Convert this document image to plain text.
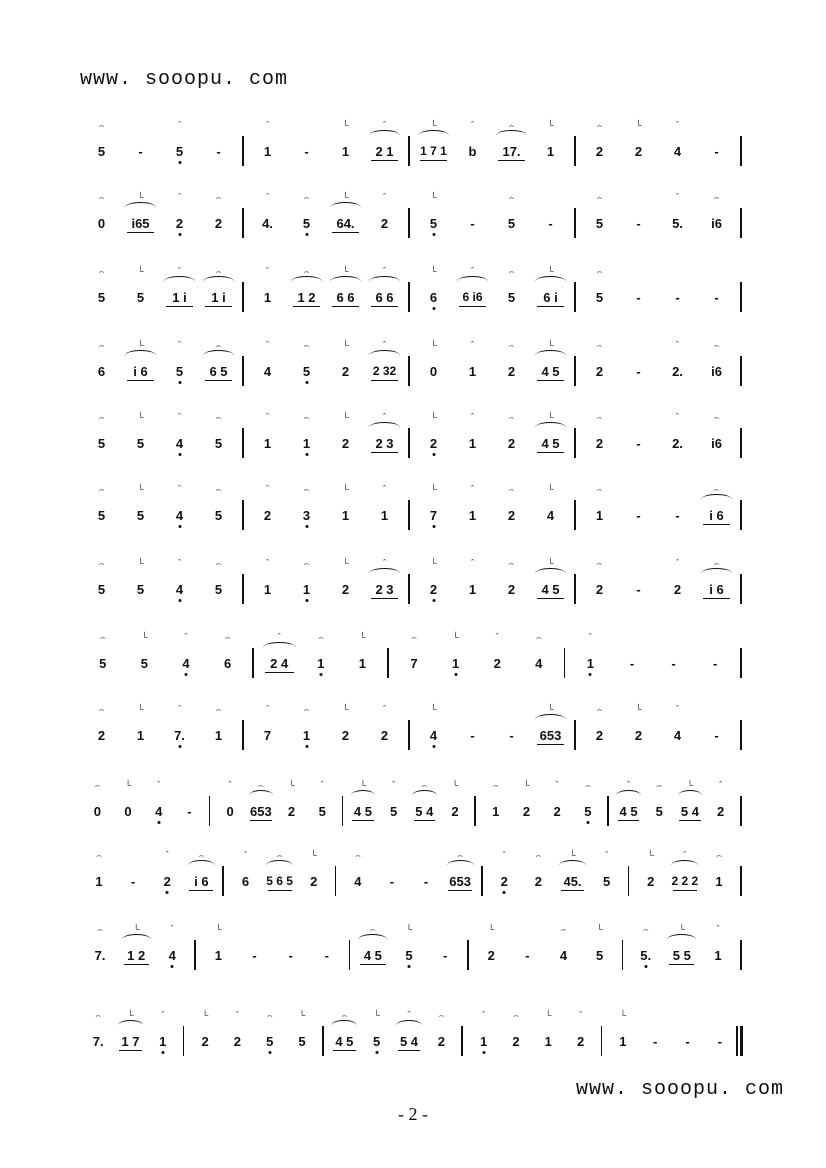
www. sooopu. com
5
⌢
-	5
ˆ
-	1
ˆ
-	1
└
2 1
ˆ
1 7 1
└
b
ˆ
17.
⌢
1
└
2
⌢
2
└
4
ˆ
-
0
⌢
i65
└
2
ˆ
2
⌢
4.
ˆ
5
⌢
64.
└
2
ˆ
5
└
-	5
⌢
-	5
⌢
- 5.
ˆ
i6
⌢
5
⌢
5
└
1 i
ˆ
1 i
⌢
1
ˆ
1 2
⌢
6 6
└
6 6
ˆ
6
└
6 i6
ˆ
5
⌢
6 i
└
5
⌢
-	-	-
6
⌢
i 6
└
5
ˆ
6 5
⌢
4
ˆ
5
⌢
2
└
2 32
ˆ
0
└
1
ˆ
2
⌢
4 5
└
2
⌢
- 2.
ˆ
i6
⌢
5
⌢
5
└
4
ˆ
5
⌢
1
ˆ
1
⌢
2
└
2 3
ˆ
2
└
1
ˆ
2
⌢
4 5
└
2
⌢
- 2.
ˆ
i6
⌢
5
⌢
5
└
4
ˆ
5
⌢
2
ˆ
3
⌢
1
└
1
ˆ
7
└
1
ˆ
2
⌢
4
└
1
⌢
-	- i 6
⌢
5
⌢
5
└
4
ˆ
5
⌢
1
ˆ
1
⌢
2
└
2 3
ˆ
2
└
1
ˆ
2
⌢
4 5
└
2
⌢
-	2
ˆ
i 6
⌢
5
⌢
5
└
4
ˆ
6
⌢
2 4
ˆ
1
⌢
1
└
7
⌢
1
└
2
ˆ
4
⌢
1
ˆ
-	-	-
2
⌢
1
└
7.
ˆ
1
⌢
7
ˆ
1
⌢
2
└
2
ˆ
4
└
-	- 653
└
2
⌢
2
└
4
ˆ
-
0
⌢
0
└
4
ˆ
-	0
ˆ
653
⌢
2
└
5
ˆ
4 5
└
5
ˆ
5 4
⌢
2
└
1
⌢
2
└
2
ˆ
5
⌢
4 5
ˆ
5
⌢
5 4
└
2
ˆ
1
⌢
- 2
ˆ
i 6
⌢
6
ˆ
5 6 5
⌢
2
└
4
⌢
- - 653
⌢
2
ˆ
2
⌢
45.
└
5
ˆ
2
└
2 2 2
ˆ
1
⌢
7.
⌢
1 2
└
4
ˆ
1
└
- - -	4 5
⌢
5
└
-	2
└
- 4
⌢
5
└
5.
⌢
5 5
└
1
ˆ
7.
⌢
1 7
└
1
ˆ
2
└
2
ˆ
5
⌢
5
└
4 5
⌢
5
└
5 4
ˆ
2
⌢
1
ˆ
2
⌢
1
└
2
ˆ
1
└
- - -
www. sooopu. com
- 2 -
